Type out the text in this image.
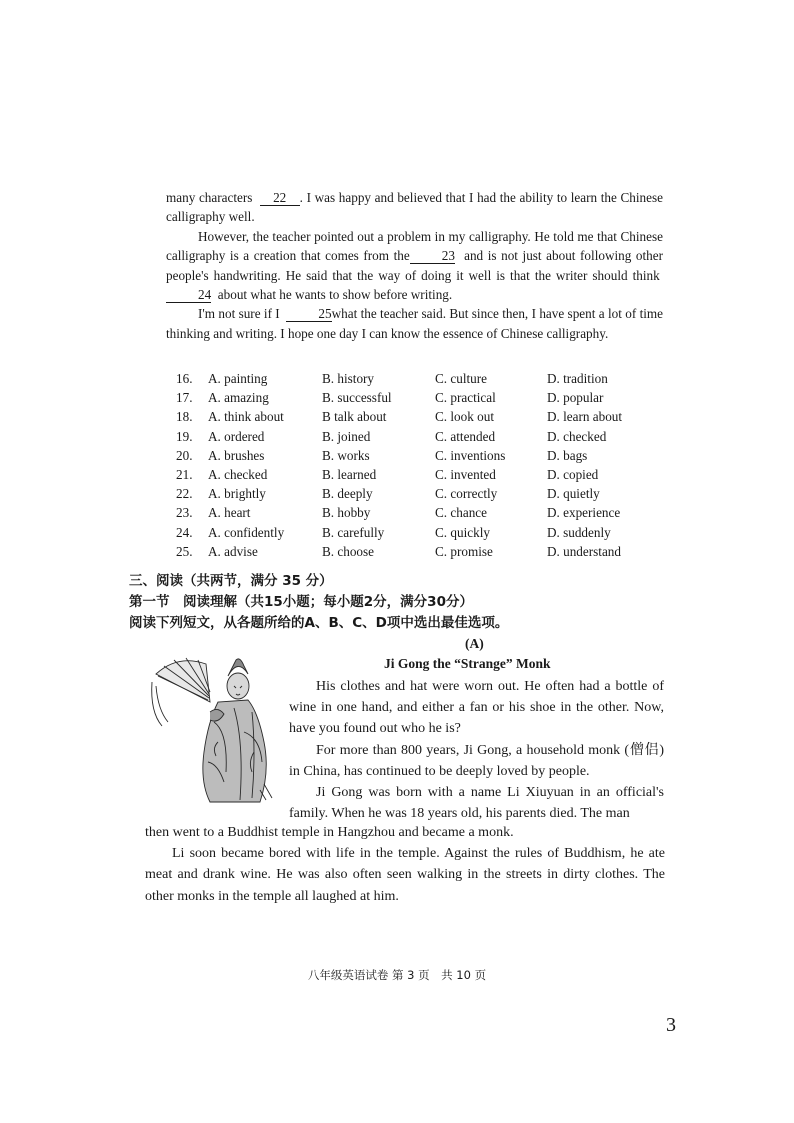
many characters 22 . I was happy and believed that I had the ability to learn the Chinese calligraphy well.

However, the teacher pointed out a problem in my calligraphy. He told me that Chinese calligraphy is a creation that comes from the 23 and is not just about following other people's handwriting. He said that the way of doing it well is that the writer should think 24 about what he wants to show before writing.

I'm not sure if I	25what the teacher said. But since then, I have spent a lot of time thinking and writing. I hope one day I can know the essence of Chinese calligraphy.

16.	A. painting	B. history	C. culture	D. tradition
17.	A. amazing	B. successful	C. practical	D. popular
18.	A. think about	B talk about	C. look out	D. learn about
19.	A. ordered	B. joined	C. attended	D. checked
20.	A. brushes	B. works	C. inventions	D. bags
21.	A. checked	B. learned	C. invented	D. copied
22.	A. brightly	B. deeply	C. correctly	D. quietly
23.	A. heart	B. hobby	C. chance	D. experience
24.	A. confidently	B. carefully	C. quickly	D. suddenly
25.	A. advise	B. choose	C. promise	D. understand
三、阅读（共两节，满分 35 分）
第一节　阅读理解（共15小题；每小题2分，满分30分）
阅读下列短文，从各题所给的A、B、C、D项中选出最佳选项。
(A)
Ji Gong the “Strange” Monk

His clothes and hat were worn out. He often had a bottle of wine in one hand, and either a fan or his shoe in the other. Now, have you found out who he is?

For more than 800 years, Ji Gong, a household monk (僧侣) in China, has continued to be deeply loved by people.

Ji Gong was born with a name Li Xiuyuan in an official's family. When he was 18 years old, his parents died. The man

then went to a Buddhist temple in Hangzhou and became a monk.

Li soon became bored with life in the temple. Against the rules of Buddhism, he ate meat and drank wine. He was also often seen walking in the streets in dirty clothes. The other monks in the temple all laughed at him.

八年级英语试卷 第 3 页　共 10 页
3
